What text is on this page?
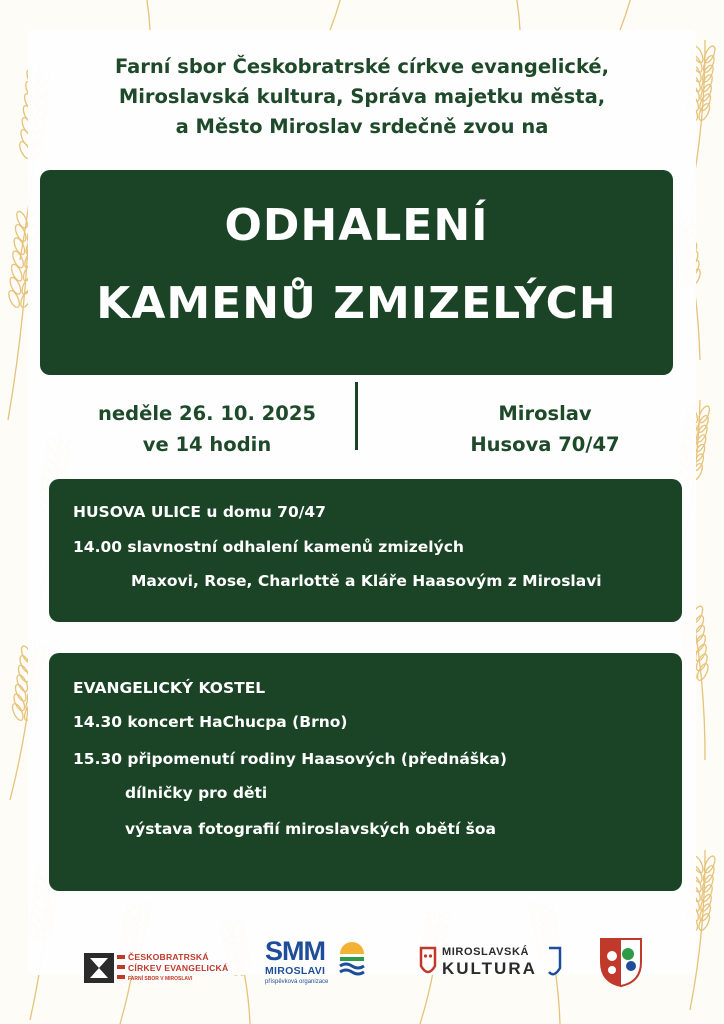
Farní sbor Českobratrské církve evangelické,
Miroslavská kultura, Správa majetku města,
a Město Miroslav srdečně zvou na
ODHALENÍ
KAMENŮ ZMIZELÝCH
neděle 26. 10. 2025
ve 14 hodin
Miroslav
Husova 70/47
HUSOVA ULICE u domu 70/47
14.00 slavnostní odhalení kamenů zmizelých
Maxovi, Rose, Charlottě a Kláře Haasovým z Miroslavi
EVANGELICKÝ KOSTEL
14.30 koncert HaChucpa (Brno)
15.30 připomenutí rodiny Haasových (přednáška)
dílničky pro děti
výstava fotografií miroslavských obětí šoa
ČESKOBRATRSKÁ
CÍRKEV EVANGELICKÁ
FARNÍ SBOR V MIROSLAVI
SMM
MIROSLAVI
příspěvková organizace
MIROSLAVSKÁ
KULTURA
